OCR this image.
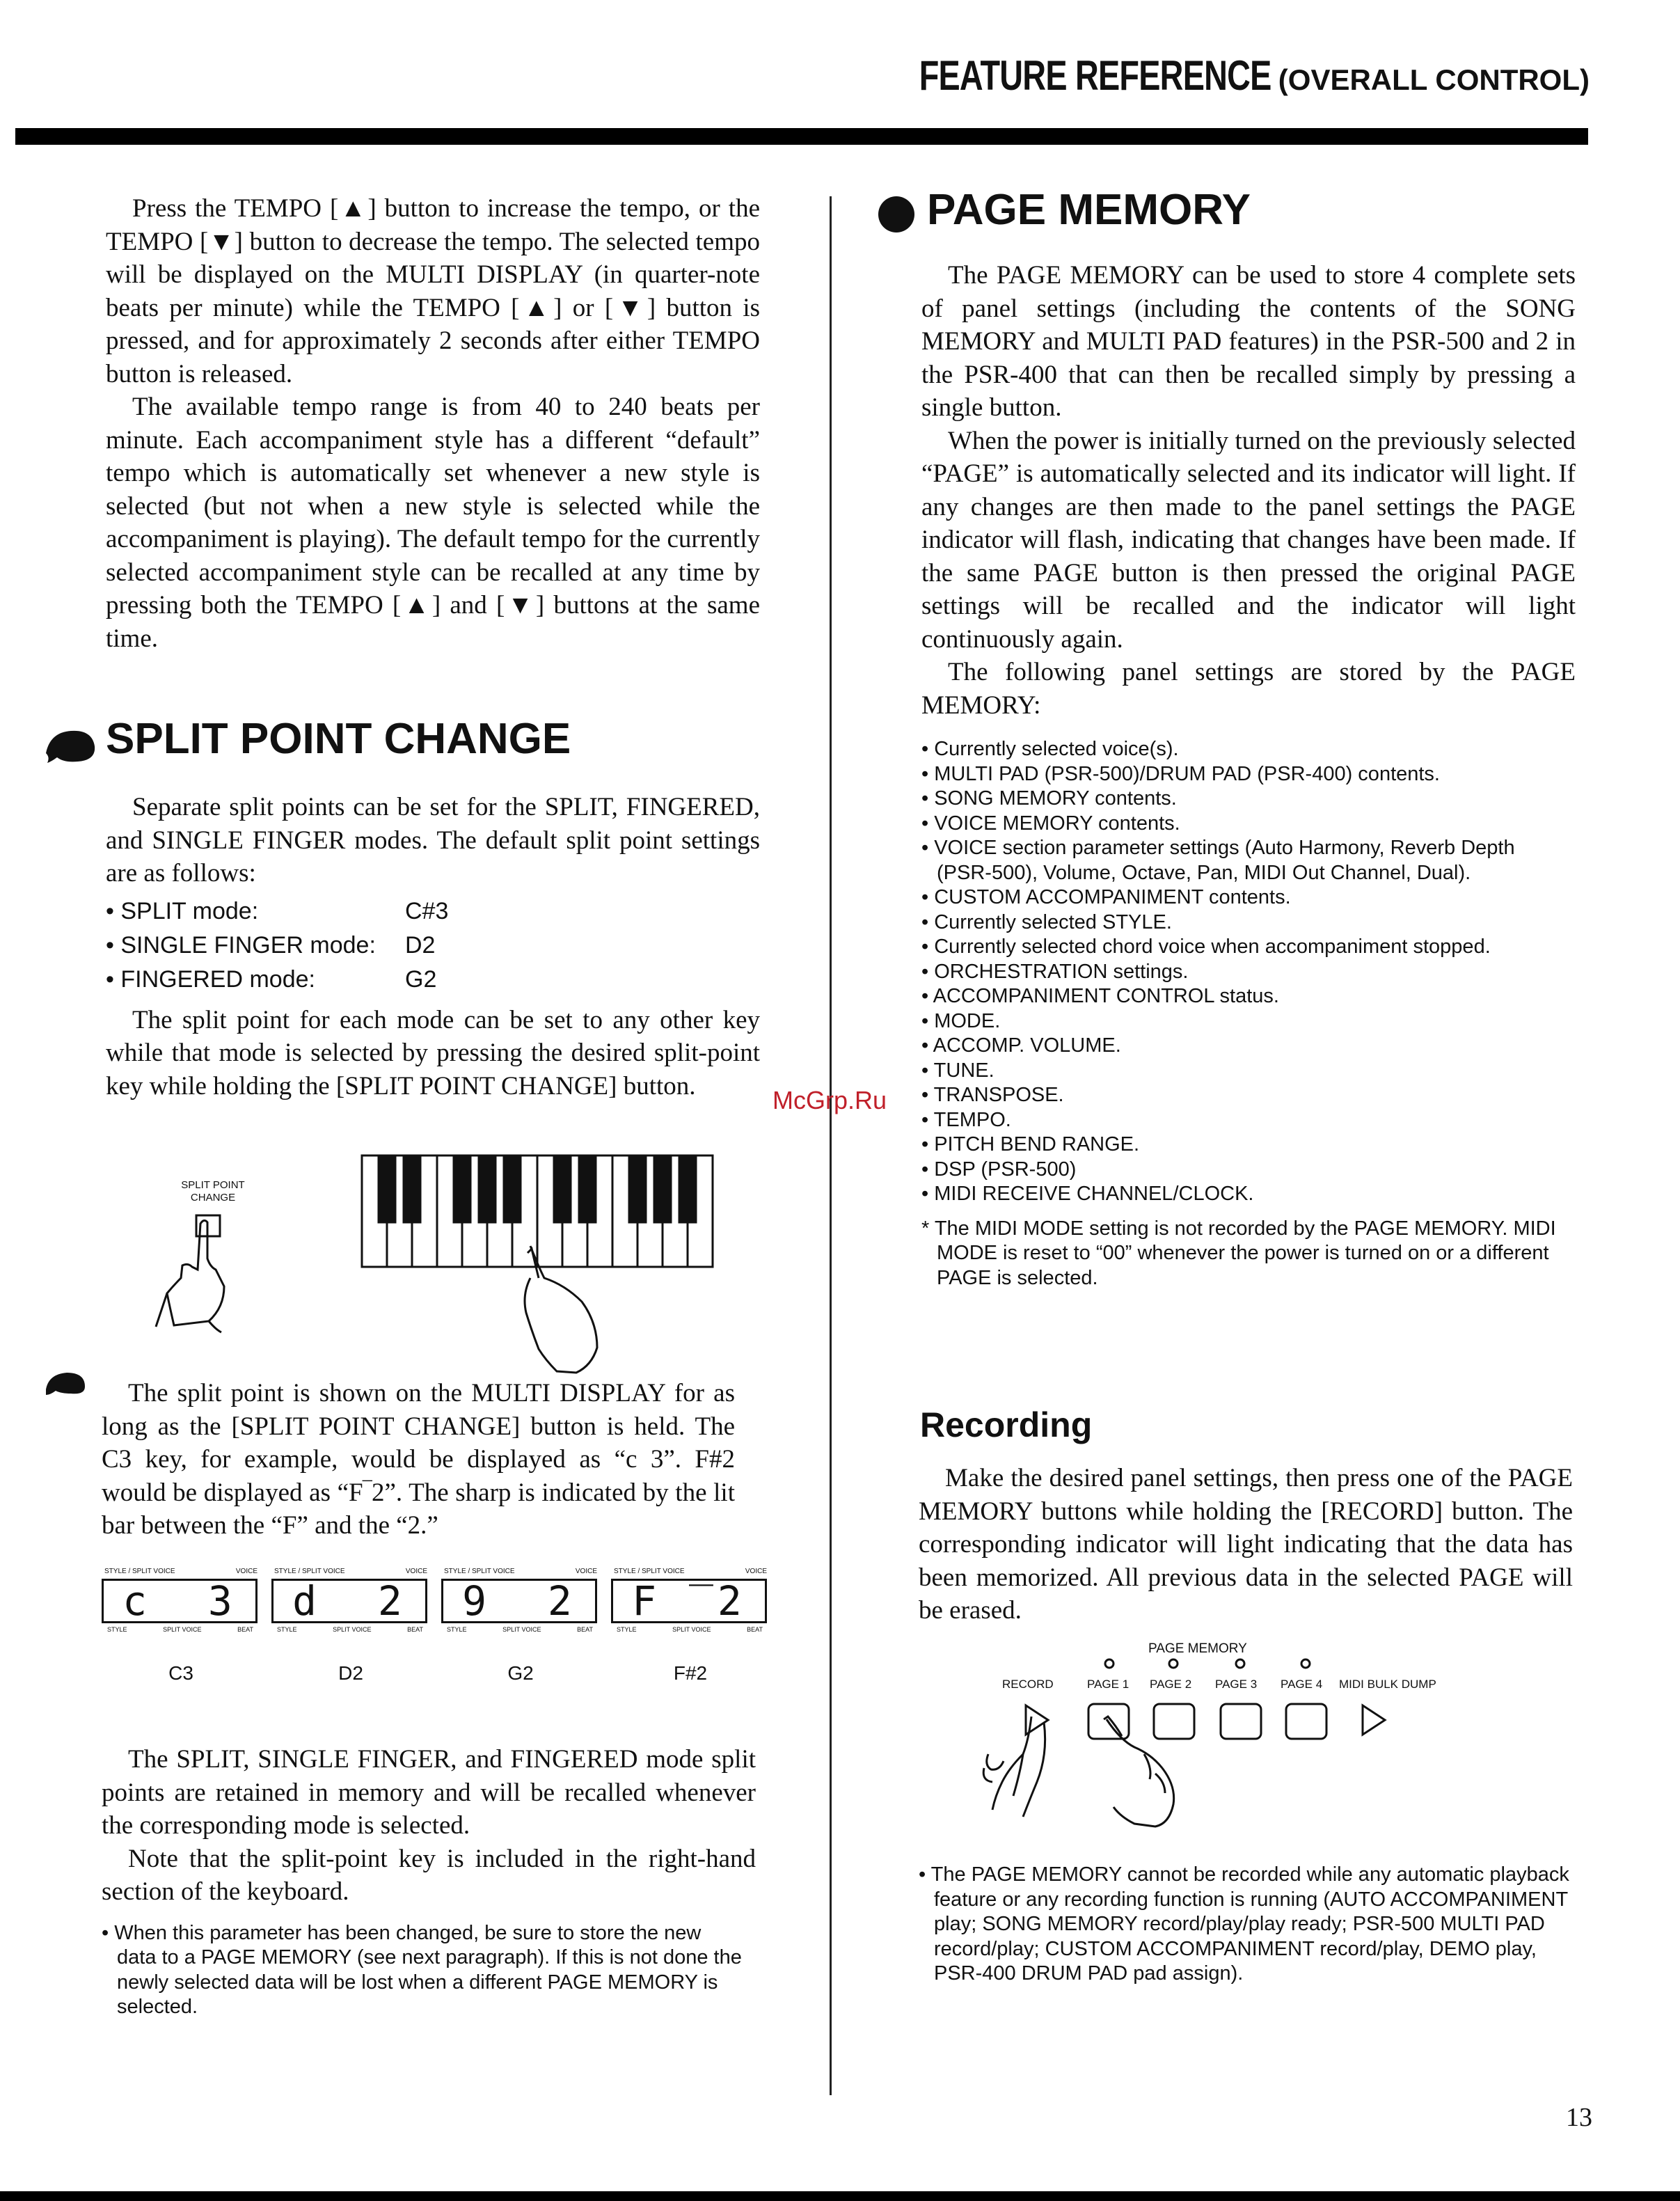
FEATURE REFERENCE (OVERALL CONTROL)

Press the TEMPO [▲] button to increase the tempo, or the TEMPO [▼] button to decrease the tempo. The selected tempo will be displayed on the MULTI DISPLAY (in quarter-note beats per minute) while the TEMPO [▲] or [▼] button is pressed, and for approximately 2 seconds after either TEMPO button is released.

The available tempo range is from 40 to 240 beats per minute. Each accompaniment style has a different “default” tempo which is automatically set whenever a new style is selected (but not when a new style is selected while the accompaniment is playing). The default tempo for the currently selected accompaniment style can be recalled at any time by pressing both the TEMPO [▲] and [▼] buttons at the same time.

SPLIT POINT CHANGE

Separate split points can be set for the SPLIT, FINGERED, and SINGLE FINGER modes. The default split point settings are as follows:

• SPLIT mode:	C#3
• SINGLE FINGER mode:	D2
• FINGERED mode:	G2

The split point for each mode can be set to any other key while that mode is selected by pressing the desired split-point key while holding the [SPLIT POINT CHANGE] button.

SPLIT POINT
CHANGE

The split point is shown on the MULTI DISPLAY for as long as the [SPLIT POINT CHANGE] button is held. The C3 key, for example, would be displayed as “c 3”. F#2 would be displayed as “F‾2”. The sharp is indicated by the lit bar between the “F” and the “2.”

STYLE / SPLIT VOICE	VOICE
c  3
STYLE	SPLIT VOICE	BEAT
C3
STYLE / SPLIT VOICE	VOICE
d  2
STYLE	SPLIT VOICE	BEAT
D2
STYLE / SPLIT VOICE	VOICE
9  2
STYLE	SPLIT VOICE	BEAT
G2
STYLE / SPLIT VOICE	VOICE
F ‾2
STYLE	SPLIT VOICE	BEAT
F#2

The SPLIT, SINGLE FINGER, and FINGERED mode split points are retained in memory and will be recalled whenever the corresponding mode is selected.

Note that the split-point key is included in the right-hand section of the keyboard.

• When this parameter has been changed, be sure to store the new data to a PAGE MEMORY (see next paragraph). If this is not done the newly selected data will be lost when a different PAGE MEMORY is selected.

PAGE MEMORY

The PAGE MEMORY can be used to store 4 complete sets of panel settings (including the contents of the SONG MEMORY and MULTI PAD features) in the PSR-500 and 2 in the PSR-400 that can then be recalled simply by pressing a single button.

When the power is initially turned on the previously selected “PAGE” is automatically selected and its indicator will light. If any changes are then made to the panel settings the PAGE indicator will flash, indicating that changes have been made. If the same PAGE button is then pressed the original PAGE settings will be recalled and the indicator will light continuously again.

The following panel settings are stored by the PAGE MEMORY:

• Currently selected voice(s).
• MULTI PAD (PSR-500)/DRUM PAD (PSR-400) contents.
• SONG MEMORY contents.
• VOICE MEMORY contents.
• VOICE section parameter settings (Auto Harmony, Reverb Depth (PSR-500), Volume, Octave, Pan, MIDI Out Channel, Dual).
• CUSTOM ACCOMPANIMENT contents.
• Currently selected STYLE.
• Currently selected chord voice when accompaniment stopped.
• ORCHESTRATION settings.
• ACCOMPANIMENT CONTROL status.
• MODE.
• ACCOMP. VOLUME.
• TUNE.
• TRANSPOSE.
• TEMPO.
• PITCH BEND RANGE.
• DSP (PSR-500)
• MIDI RECEIVE CHANNEL/CLOCK.

* The MIDI MODE setting is not recorded by the PAGE MEMORY. MIDI MODE is reset to “00” whenever the power is turned on or a different PAGE is selected.

Recording

Make the desired panel settings, then press one of the PAGE MEMORY buttons while holding the [RECORD] button. The corresponding indicator will light indicating that the data has been memorized. All previous data in the selected PAGE will be erased.

PAGE MEMORY
RECORD	PAGE 1 PAGE 2 PAGE 3 PAGE 4 MIDI BULK DUMP

• The PAGE MEMORY cannot be recorded while any automatic playback feature or any recording function is running (AUTO ACCOMPANIMENT play; SONG MEMORY record/play/play ready; PSR-500 MULTI PAD record/play; CUSTOM ACCOMPANIMENT record/play, DEMO play, PSR-400 DRUM PAD pad assign).

McGrp.Ru
13
